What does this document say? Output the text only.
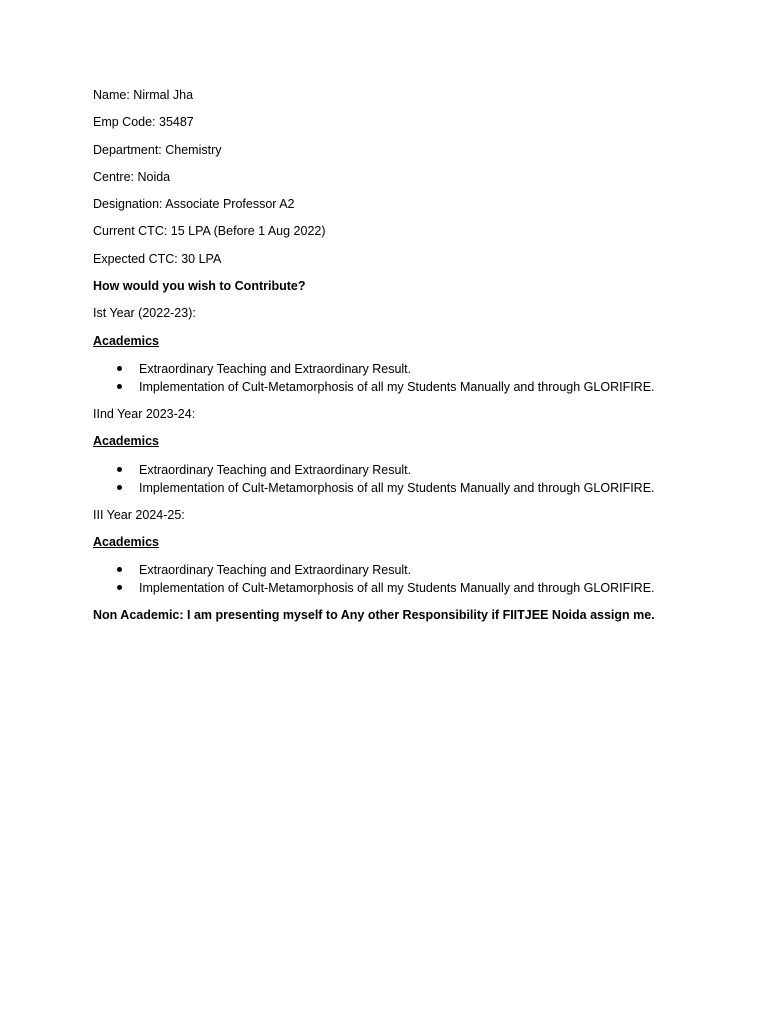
Name: Nirmal Jha

Emp Code: 35487

Department: Chemistry

Centre: Noida

Designation: Associate Professor A2

Current CTC: 15 LPA (Before 1 Aug 2022)

Expected CTC: 30 LPA

How would you wish to Contribute?

Ist Year (2022-23):

Academics

Extraordinary Teaching and Extraordinary Result.
Implementation of Cult-Metamorphosis of all my Students Manually and through GLORIFIRE.

IInd Year 2023-24:

Academics

Extraordinary Teaching and Extraordinary Result.
Implementation of Cult-Metamorphosis of all my Students Manually and through GLORIFIRE.

III Year 2024-25:

Academics

Extraordinary Teaching and Extraordinary Result.
Implementation of Cult-Metamorphosis of all my Students Manually and through GLORIFIRE.

Non Academic: I am presenting myself to Any other Responsibility if FIITJEE Noida assign me.
